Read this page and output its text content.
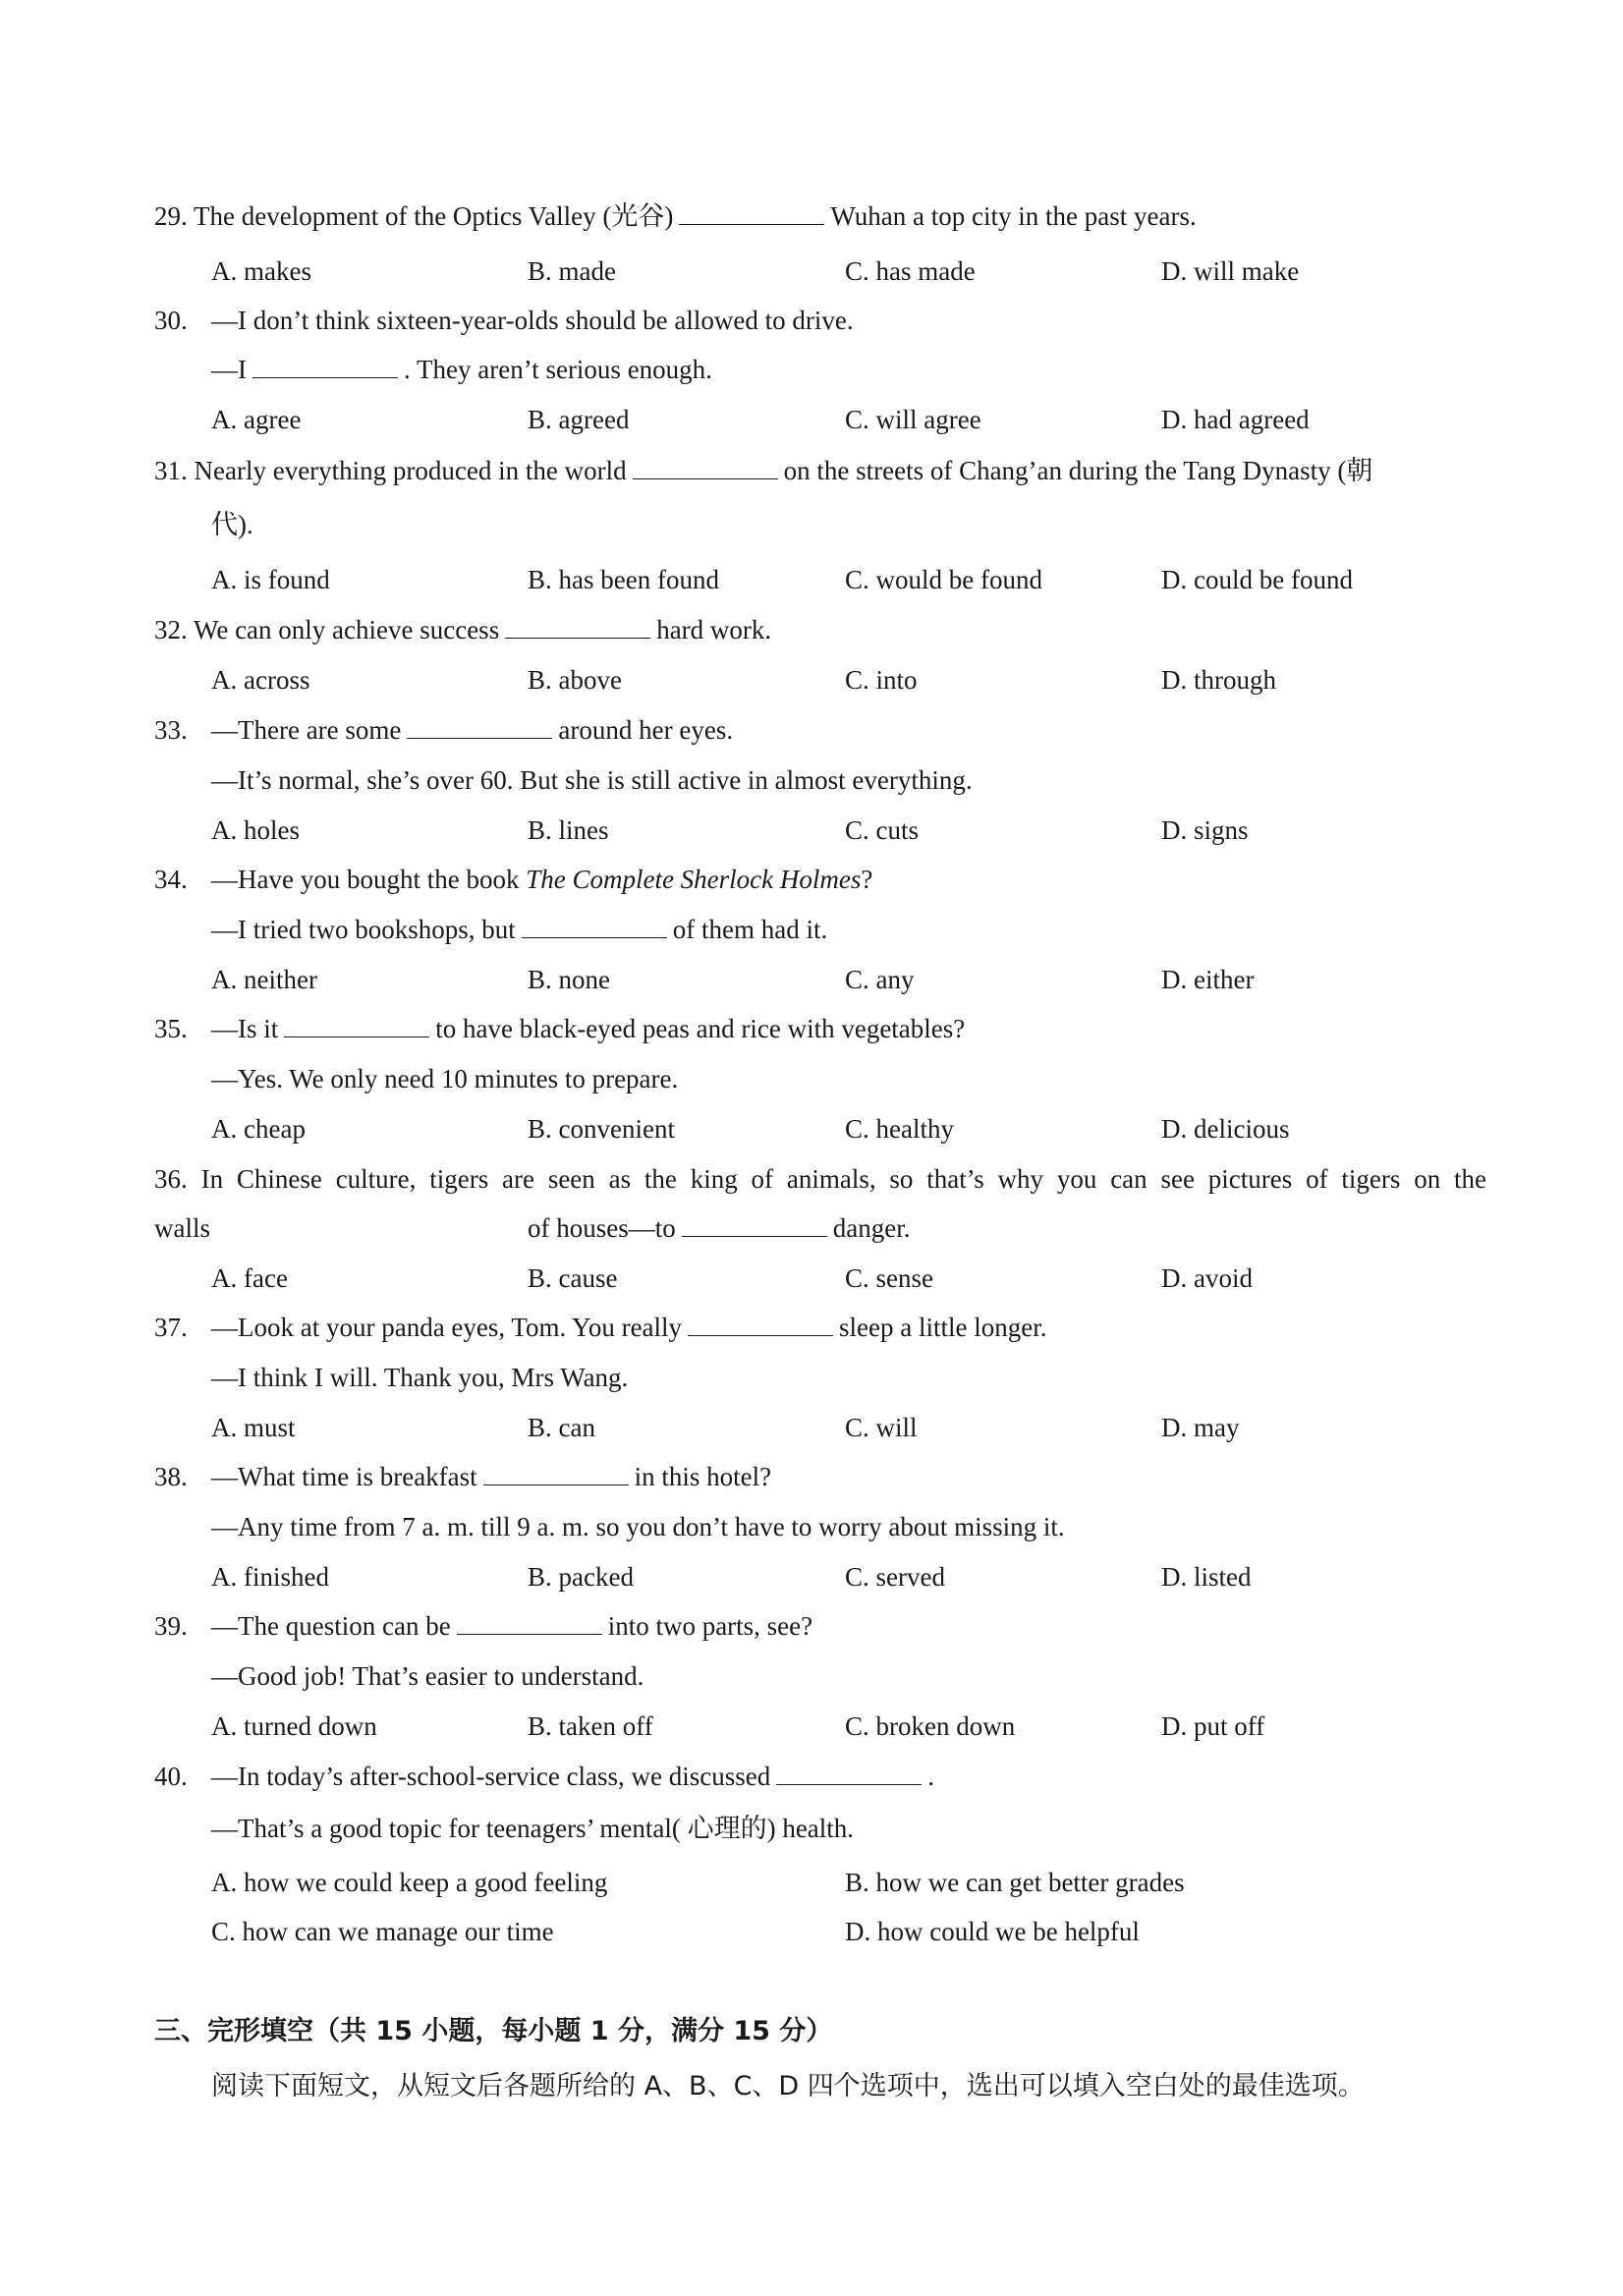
29. The development of the Optics Valley (光谷)	Wuhan a top city in the past years.
A. makes	B. made	C. has made	D. will make
30. —I don’t think sixteen-year-olds should be allowed to drive.
—I	. They aren’t serious enough.
A. agree	B. agreed	C. will agree	D. had agreed
31. Nearly everything produced in the world	on the streets of Chang’an during the Tang Dynasty (朝
代).
A. is found	B. has been found	C. would be found	D. could be found
32. We can only achieve success	hard work.
A. across	B. above	C. into	D. through
33. —There are some	around her eyes.
—It’s normal, she’s over 60. But she is still active in almost everything.
A. holes	B. lines	C. cuts	D. signs
34. —Have you bought the book The Complete Sherlock Holmes?
—I tried two bookshops, but	of them had it.
A. neither	B. none	C. any	D. either
35. —Is it	to have black-eyed peas and rice with vegetables?
—Yes. We only need 10 minutes to prepare.
A. cheap	B. convenient	C. healthy	D. delicious
36. In Chinese culture, tigers are seen as the king of animals, so that’s why you can see pictures of tigers on the
walls	of houses—to	danger.
A. face	B. cause	C. sense	D. avoid
37. —Look at your panda eyes, Tom. You really	sleep a little longer.
—I think I will. Thank you, Mrs Wang.
A. must	B. can	C. will	D. may
38. —What time is breakfast	in this hotel?
—Any time from 7 a. m. till 9 a. m. so you don’t have to worry about missing it.
A. finished	B. packed	C. served	D. listed
39. —The question can be	into two parts, see?
—Good job! That’s easier to understand.
A. turned down	B. taken off	C. broken down	D. put off
40. —In today’s after-school-service class, we discussed	.
—That’s a good topic for teenagers’ mental( 心理的) health.
A. how we could keep a good feeling	B. how we can get better grades
C. how can we manage our time	D. how could we be helpful
三、完形填空（共 15 小题，每小题 1 分，满分 15 分）
阅读下面短文，从短文后各题所给的 A、B、C、D 四个选项中，选出可以填入空白处的最佳选项。
